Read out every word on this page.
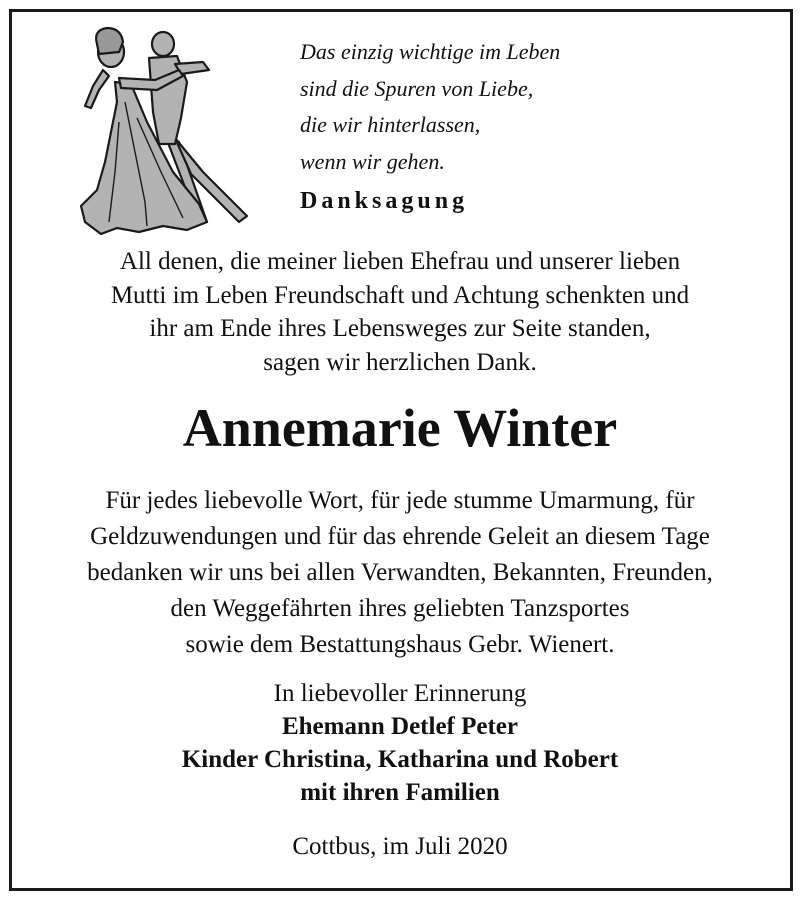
Das einzig wichtige im Leben
sind die Spuren von Liebe,
die wir hinterlassen,
wenn wir gehen.
Danksagung
All denen, die meiner lieben Ehefrau und unserer lieben
Mutti im Leben Freundschaft und Achtung schenkten und
ihr am Ende ihres Lebensweges zur Seite standen,
sagen wir herzlichen Dank.
Annemarie Winter
Für jedes liebevolle Wort, für jede stumme Umarmung, für
Geldzuwendungen und für das ehrende Geleit an diesem Tage
bedanken wir uns bei allen Verwandten, Bekannten, Freunden,
den Weggefährten ihres geliebten Tanzsportes
sowie dem Bestattungshaus Gebr. Wienert.
In liebevoller Erinnerung
Ehemann Detlef Peter
Kinder Christina, Katharina und Robert
mit ihren Familien
Cottbus, im Juli 2020
